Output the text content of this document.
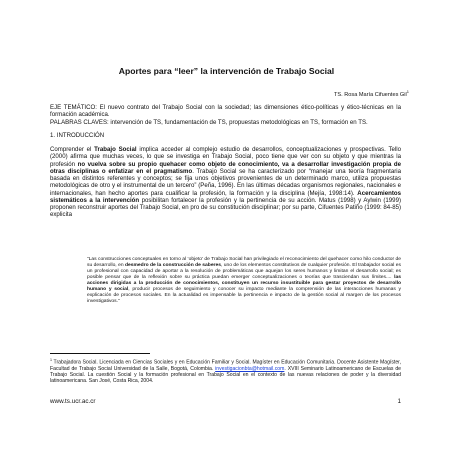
Aportes para “leer” la intervención de Trabajo Social
TS. Rosa María Cifuentes Gil$^1$

EJE TEMÁTICO: El nuevo contrato del Trabajo Social con la sociedad; las dimensiones ético-políticas y ético-técnicas en la formación académica.
PALABRAS CLAVES: intervención de TS, fundamentación de TS, propuestas metodológicas en TS, formación en TS.

1. INTRODUCCIÓN

Comprender el Trabajo Social implica acceder al complejo estudio de desarrollos, conceptualizaciones y prospectivas. Tello (2000) afirma que muchas veces, lo que se investiga en Trabajo Social, poco tiene que ver con su objeto y que mientras la profesión no vuelva sobre su propio quehacer como objeto de conocimiento, va a desarrollar investigación propia de otras disciplinas o enfatizar en el pragmatismo. Trabajo Social se ha caracterizado por “manejar una teoría fragmentaria basada en distintos referentes y conceptos; se fija unos objetivos provenientes de un determinado marco, utiliza propuestas metodológicas de otro y el instrumental de un tercero” (Peña, 1996). En las últimas décadas organismos regionales, nacionales e internacionales, han hecho aportes para cualificar la profesión, la formación y la disciplina (Mejía, 1998:14). Acercamientos sistemáticos a la intervención posibilitan fortalecer la profesión y la pertinencia de su acción. Matus (1998) y Aylwin (1999) proponen reconstruir aportes del Trabajo Social, en pro de su constitución disciplinar; por su parte, Cifuentes Patiño (1999: 84-85) explicita

“Las construcciones conceptuales en torno al ‘objeto’ de Trabajo Social han privilegiado el reconocimiento del quehacer como hilo conductor de su desarrollo, en desmedro de la construcción de saberes, uno de los elementos constitutivos de cualquier profesión. El trabajador social es un profesional con capacidad de aportar a la resolución de problemáticas que aquejan los seres humanos y limitan el desarrollo social; es posible pensar que de la reflexión sobre su práctica puedan emerger conceptualizaciones o teorías que trasciendan sus límites.... las acciones dirigidas a la producción de conocimientos, constituyen un recurso insustituible para gestar proyectos de desarrollo humano y social, producir procesos de seguimiento y conocer su impacto mediante la comprensión de las interacciones humanas y explicación de procesos sociales. En la actualidad es impensable la pertinencia e impacto de la gestión social al margen de los procesos investigativos.”
$^1$ Trabajadora Social. Licenciada en Ciencias Sociales y en Educación Familiar y Social. Magíster en Educación Comunitaria. Docente Asistente Magíster, Facultad de Trabajo Social Universidad de la Salle, Bogotá, Colombia. investigacionbta@hotmail.com. XVIII Seminario Latinoamericano de Escuelas de Trabajo Social. La cuestión Social y la formación profesional en Trabajo Social en el contexto de las nuevas relaciones de poder y la diversidad latinoamericana. San José, Costa Rica, 2004.
www.ts.ucr.ac.cr	1
